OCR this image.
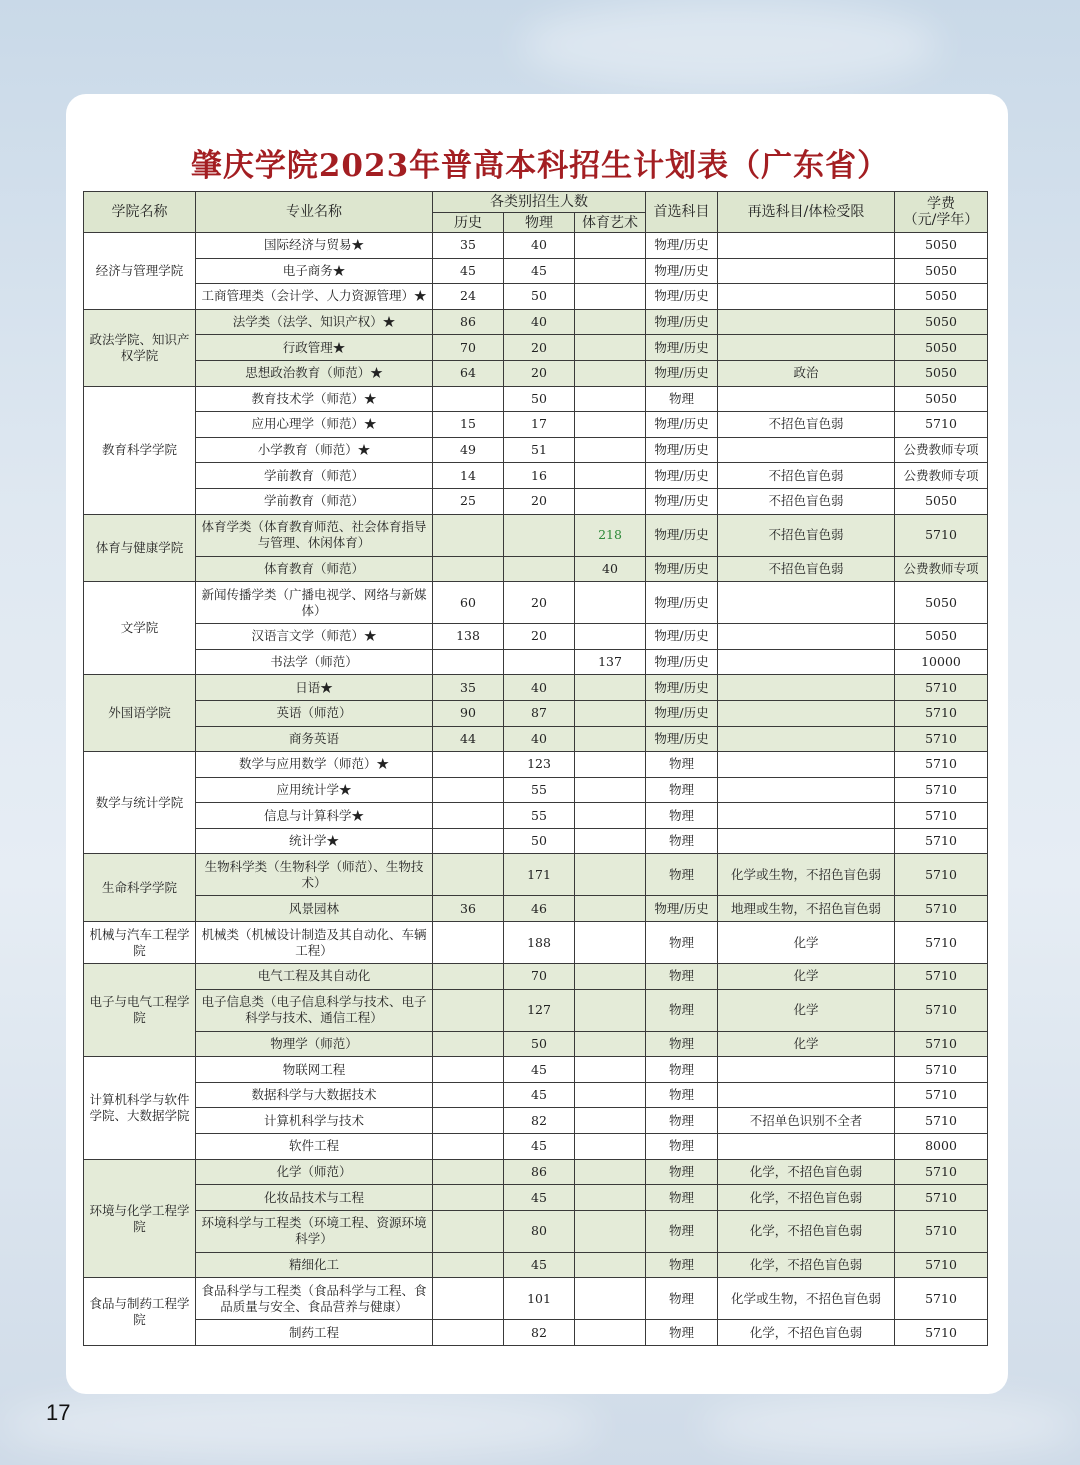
肇庆学院2023年普高本科招生计划表（广东省）
学院名称	专业名称	各类别招生人数			首选科目	再选科目/体检受限	学费
（元/学年）

		历史	物理	体育艺术			
经济与管理学院	国际经济与贸易★	35	40		物理/历史		5050
	电子商务★	45	45		物理/历史		5050
	工商管理类（会计学、人力资源管理）★	24	50		物理/历史		5050
政法学院、知识产权学院	法学类（法学、知识产权）★	86	40		物理/历史		5050
	行政管理★	70	20		物理/历史		5050
	思想政治教育（师范）★	64	20		物理/历史	政治	5050
教育科学学院	教育技术学（师范）★		50		物理		5050
	应用心理学（师范）★	15	17		物理/历史	不招色盲色弱	5710
	小学教育（师范）★	49	51		物理/历史		公费教师专项
	学前教育（师范）	14	16		物理/历史	不招色盲色弱	公费教师专项
	学前教育（师范）	25	20		物理/历史	不招色盲色弱	5050
体育与健康学院	体育学类（体育教育师范、社会体育指导与管理、休闲体育）			218	物理/历史	不招色盲色弱	5710
	体育教育（师范）			40	物理/历史	不招色盲色弱	公费教师专项
文学院	新闻传播学类（广播电视学、网络与新媒体）	60	20		物理/历史		5050
	汉语言文学（师范）★	138	20		物理/历史		5050
	书法学（师范）			137	物理/历史		10000
外国语学院	日语★	35	40		物理/历史		5710
	英语（师范）	90	87		物理/历史		5710
	商务英语	44	40		物理/历史		5710
数学与统计学院	数学与应用数学（师范）★		123		物理		5710
	应用统计学★		55		物理		5710
	信息与计算科学★		55		物理		5710
	统计学★		50		物理		5710
生命科学学院	生物科学类（生物科学（师范）、生物技术）		171		物理	化学或生物，不招色盲色弱	5710
	风景园林	36	46		物理/历史	地理或生物，不招色盲色弱	5710
机械与汽车工程学院	机械类（机械设计制造及其自动化、车辆工程）		188		物理	化学	5710
电子与电气工程学院	电气工程及其自动化		70		物理	化学	5710
	电子信息类（电子信息科学与技术、电子科学与技术、通信工程）		127		物理	化学	5710
	物理学（师范）		50		物理	化学	5710
计算机科学与软件学院、大数据学院	物联网工程		45		物理		5710
	数据科学与大数据技术		45		物理		5710
	计算机科学与技术		82		物理	不招单色识别不全者	5710
	软件工程		45		物理		8000
环境与化学工程学院	化学（师范）		86		物理	化学，不招色盲色弱	5710
	化妆品技术与工程		45		物理	化学，不招色盲色弱	5710
	环境科学与工程类（环境工程、资源环境科学）		80		物理	化学，不招色盲色弱	5710
	精细化工		45		物理	化学，不招色盲色弱	5710
食品与制药工程学院	食品科学与工程类（食品科学与工程、食品质量与安全、食品营养与健康）		101		物理	化学或生物，不招色盲色弱	5710
	制药工程		82		物理	化学，不招色盲色弱	5710
17
